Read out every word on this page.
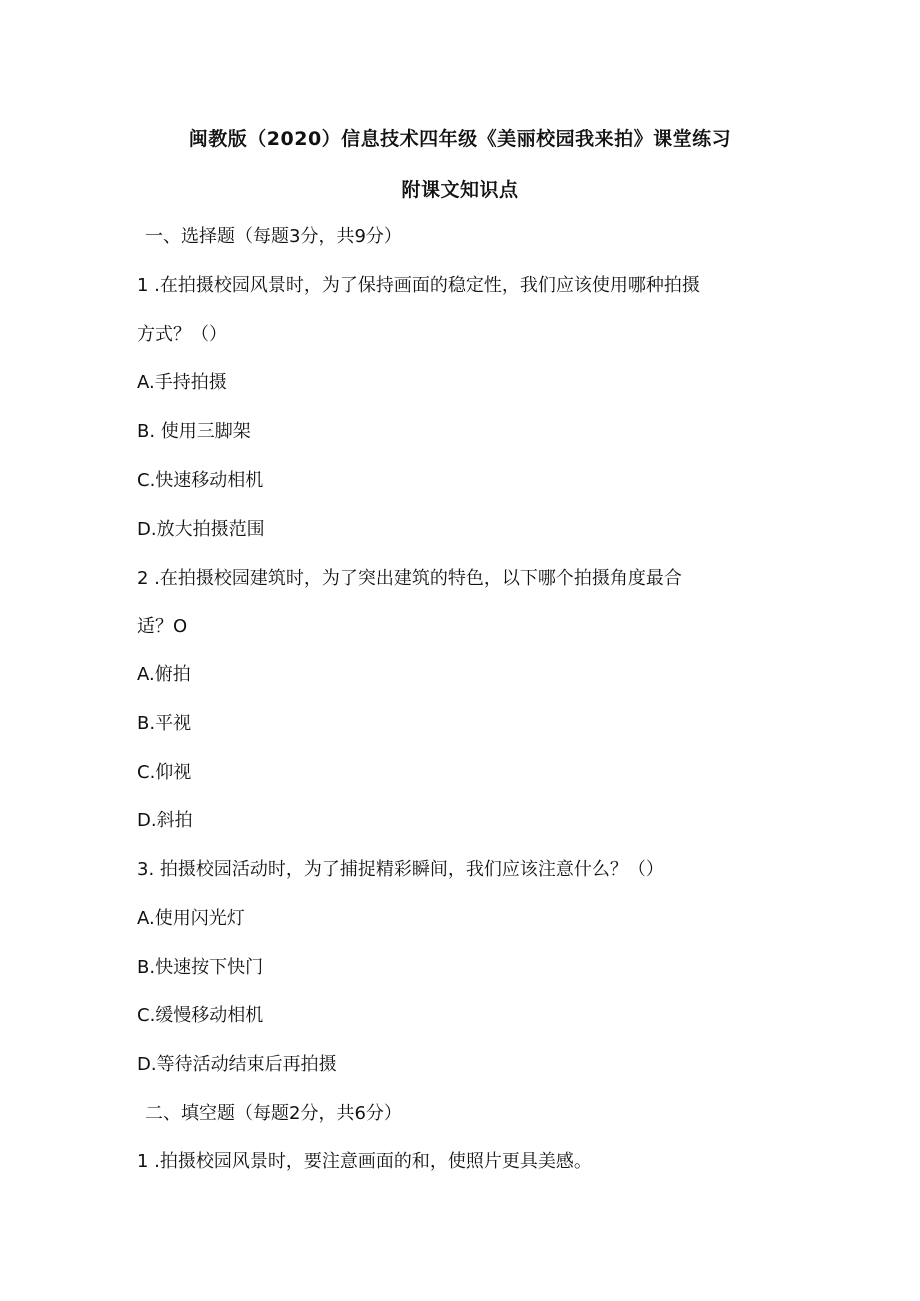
闽教版（2020）信息技术四年级《美丽校园我来拍》课堂练习
附课文知识点
一、选择题（每题3分，共9分）
1 .在拍摄校园风景时，为了保持画面的稳定性，我们应该使用哪种拍摄
方式？（）
A.手持拍摄
B. 使用三脚架
C.快速移动相机
D.放大拍摄范围
2 .在拍摄校园建筑时，为了突出建筑的特色，以下哪个拍摄角度最合
适？O
A.俯拍
B.平视
C.仰视
D.斜拍
3. 拍摄校园活动时，为了捕捉精彩瞬间，我们应该注意什么？（）
A.使用闪光灯
B.快速按下快门
C.缓慢移动相机
D.等待活动结束后再拍摄
二、填空题（每题2分，共6分）
1 .拍摄校园风景时，要注意画面的和，使照片更具美感。
